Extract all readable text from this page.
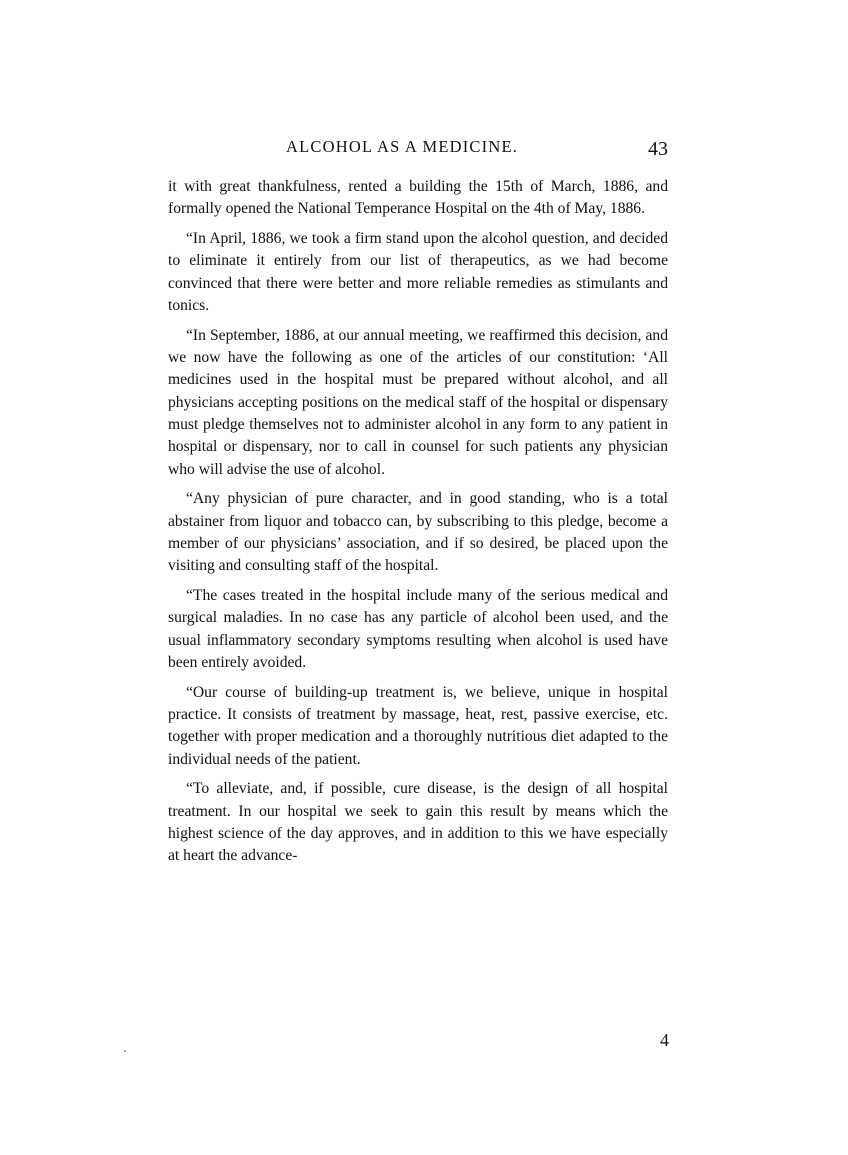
ALCOHOL AS A MEDICINE.	43

it with great thankfulness, rented a building the 15th of March, 1886, and formally opened the National Temperance Hospital on the 4th of May, 1886.

“In April, 1886, we took a firm stand upon the alcohol question, and decided to eliminate it entirely from our list of therapeutics, as we had become convinced that there were better and more reliable remedies as stimulants and tonics.

“In September, 1886, at our annual meeting, we reaffirmed this decision, and we now have the following as one of the articles of our constitution: ‘All medicines used in the hospital must be prepared without alcohol, and all physicians accepting positions on the medical staff of the hospital or dispensary must pledge themselves not to administer alcohol in any form to any patient in hospital or dispensary, nor to call in counsel for such patients any physician who will advise the use of alcohol.

“Any physician of pure character, and in good standing, who is a total abstainer from liquor and tobacco can, by subscribing to this pledge, become a member of our physicians’ association, and if so desired, be placed upon the visiting and consulting staff of the hospital.

“The cases treated in the hospital include many of the serious medical and surgical maladies. In no case has any particle of alcohol been used, and the usual inflammatory secondary symptoms resulting when alcohol is used have been entirely avoided.

“Our course of building-up treatment is, we believe, unique in hospital practice. It consists of treatment by massage, heat, rest, passive exercise, etc. together with proper medication and a thoroughly nutritious diet adapted to the individual needs of the patient.

“To alleviate, and, if possible, cure disease, is the design of all hospital treatment. In our hospital we seek to gain this result by means which the highest science of the day approves, and in addition to this we have especially at heart the advance-

4
